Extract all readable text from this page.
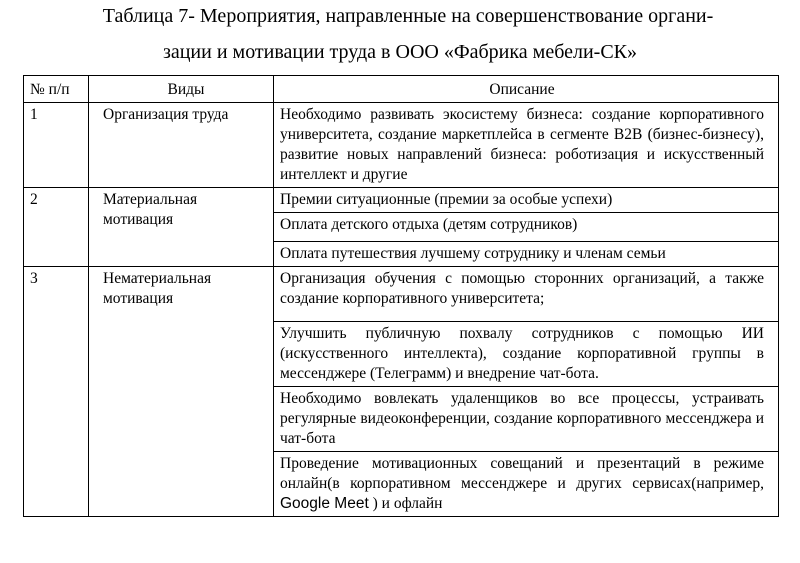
Таблица 7- Мероприятия, направленные на совершенствование органи-
зации и мотивации труда в ООО «Фабрика мебели-СК»
№ п/п	Виды	Описание
1	Организация труда	Необходимо развивать экосистему бизнеса: создание корпоративного университета, создание маркетплейса в сегменте В2В (бизнес-бизнесу), развитие новых направлений бизнеса: роботизация и искусственный интеллект и другие
2	Материальная мотивация	Премии ситуационные (премии за особые успехи)
		Оплата детского отдыха (детям сотрудников)
		Оплата путешествия лучшему сотруднику и членам семьи
3	Нематериальная мотивация	Организация обучения с помощью сторонних организаций, а также создание корпоративного университета;
		Улучшить публичную похвалу сотрудников с помощью ИИ (искусственного интеллекта), создание корпоративной группы в мессенджере (Телеграмм) и внедрение чат-бота.
		Необходимо вовлекать удаленщиков во все процессы, устраивать регулярные видеоконференции, создание корпоративного мессенджера и чат-бота
		Проведение мотивационных совещаний и презентаций в режиме онлайн(в корпоративном мессенджере и других сервисах(например, Google Meet ) и офлайн
